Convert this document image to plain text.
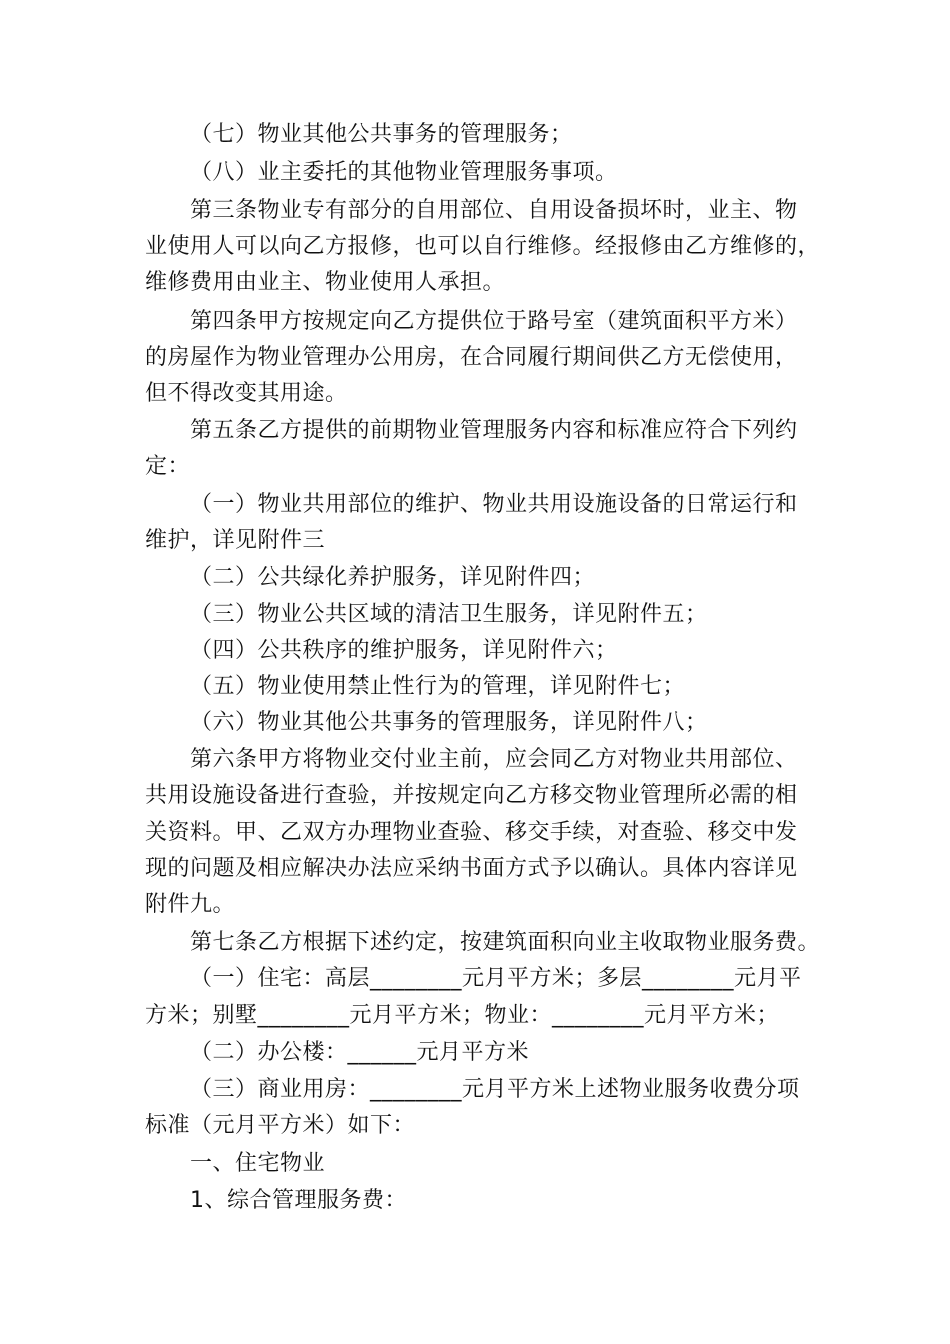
（七）物业其他公共事务的管理服务；
（八）业主委托的其他物业管理服务事项。
第三条物业专有部分的自用部位、自用设备损坏时，业主、物
业使用人可以向乙方报修，也可以自行维修。经报修由乙方维修的，
维修费用由业主、物业使用人承担。
第四条甲方按规定向乙方提供位于路号室（建筑面积平方米）
的房屋作为物业管理办公用房，在合同履行期间供乙方无偿使用，
但不得改变其用途。
第五条乙方提供的前期物业管理服务内容和标准应符合下列约
定：
（一）物业共用部位的维护、物业共用设施设备的日常运行和
维护，详见附件三
（二）公共绿化养护服务，详见附件四；
（三）物业公共区域的清洁卫生服务，详见附件五；
（四）公共秩序的维护服务，详见附件六；
（五）物业使用禁止性行为的管理，详见附件七；
（六）物业其他公共事务的管理服务，详见附件八；
第六条甲方将物业交付业主前，应会同乙方对物业共用部位、
共用设施设备进行查验，并按规定向乙方移交物业管理所必需的相
关资料。甲、乙双方办理物业查验、移交手续，对查验、移交中发
现的问题及相应解决办法应采纳书面方式予以确认。具体内容详见
附件九。
第七条乙方根据下述约定，按建筑面积向业主收取物业服务费。
（一）住宅：高层________元月平方米；多层________元月平
方米；别墅________元月平方米；物业：________元月平方米；
（二）办公楼：______元月平方米
（三）商业用房：________元月平方米上述物业服务收费分项
标准（元月平方米）如下：
一、住宅物业
1、综合管理服务费：
